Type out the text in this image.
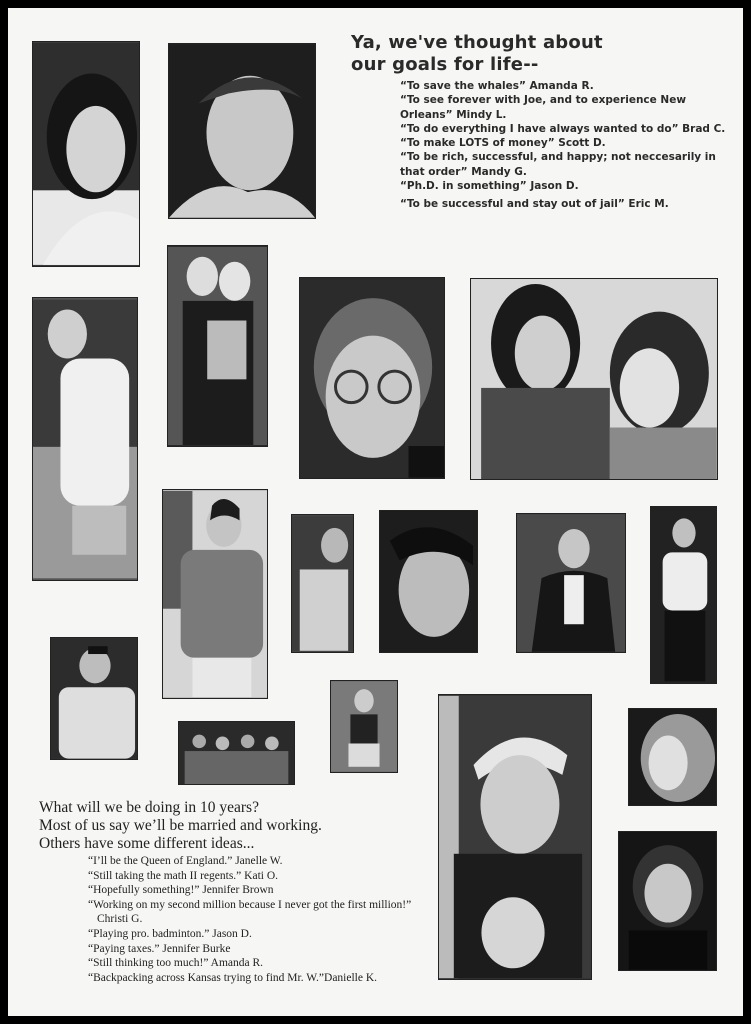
Ya, we've thought about
our goals for life--
“To save the whales” Amanda R.
“To see forever with Joe, and to experience New Orleans” Mindy L.
“To do everything I have always wanted to do” Brad C.
“To make LOTS of money” Scott D.
“To be rich, successful, and happy; not neccesarily in that order” Mandy G.
“Ph.D. in something” Jason D.
“To be successful and stay out of jail” Eric M.
What will we be doing in 10 years?
Most of us say we’ll be married and working.
Others have some different ideas...
“I’ll be the Queen of England.” Janelle W.
“Still taking the math II regents.” Kati O.
“Hopefully something!” Jennifer Brown
“Working on my second million because I never got the first million!” Christi G.
“Playing pro. badminton.” Jason D.
“Paying taxes.” Jennifer Burke
“Still thinking too much!” Amanda R.
“Backpacking across Kansas trying to find Mr. W.”Danielle K.
